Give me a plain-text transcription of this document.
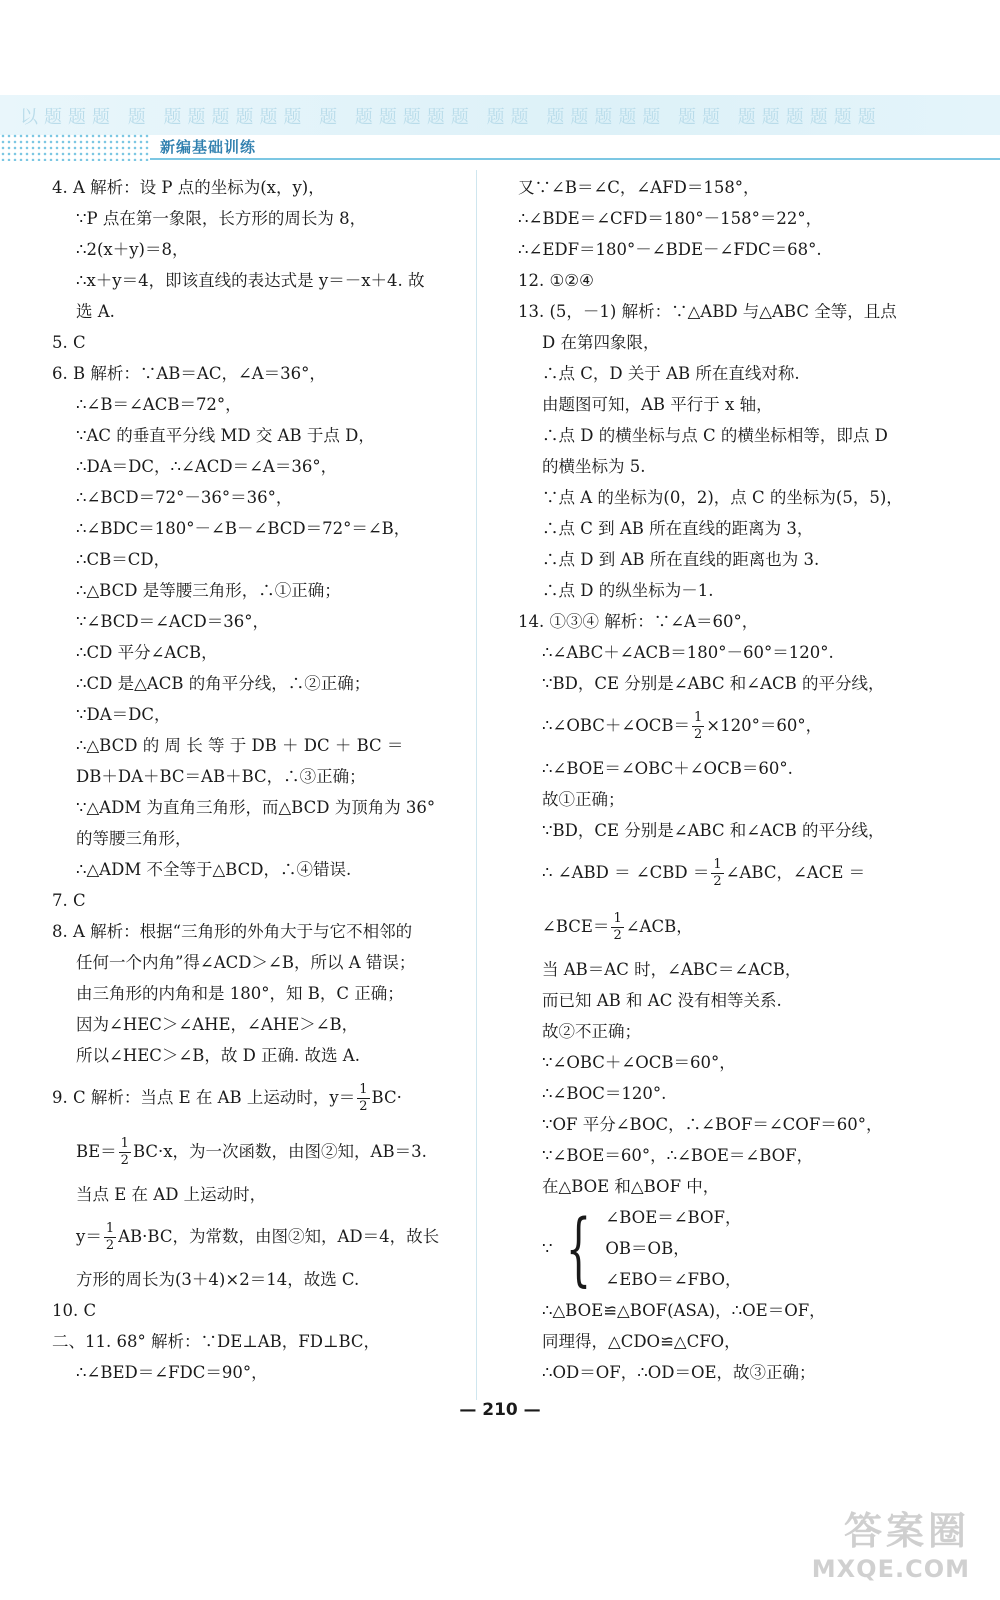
以题题题 题 题题题题题题 题 题题题题题 题题 题题题题题 题题 题题题题题题
新编基础训练
4. A 解析：设 P 点的坐标为(x，y)，
∵P 点在第一象限，长方形的周长为 8，
∴2(x＋y)＝8，
∴x＋y＝4，即该直线的表达式是 y＝－x＋4. 故
选 A.
5. C
6. B 解析：∵AB＝AC，∠A＝36°，
∴∠B＝∠ACB＝72°，
∵AC 的垂直平分线 MD 交 AB 于点 D，
∴DA＝DC，∴∠ACD＝∠A＝36°，
∴∠BCD＝72°－36°＝36°，
∴∠BDC＝180°－∠B－∠BCD＝72°＝∠B，
∴CB＝CD，
∴△BCD 是等腰三角形，∴①正确；
∵∠BCD＝∠ACD＝36°，
∴CD 平分∠ACB，
∴CD 是△ACB 的角平分线，∴②正确；
∵DA＝DC，
∴△BCD 的 周 长 等 于 DB ＋ DC ＋ BC ＝
DB＋DA＋BC＝AB＋BC，∴③正确；
∵△ADM 为直角三角形，而△BCD 为顶角为 36°
的等腰三角形，
∴△ADM 不全等于△BCD，∴④错误.
7. C
8. A 解析：根据“三角形的外角大于与它不相邻的
任何一个内角”得∠ACD＞∠B，所以 A 错误；
由三角形的内角和是 180°，知 B，C 正确；
因为∠HEC＞∠AHE，∠AHE＞∠B，
所以∠HEC＞∠B，故 D 正确. 故选 A.
9. C 解析：当点 E 在 AB 上运动时，$y= \frac{1}{2} BC\cdot$
$BE= \frac{1}{2} BC\cdot x$，为一次函数，由图②知，AB＝3.
当点 E 在 AD 上运动时，
$y= \frac{1}{2} AB\cdot BC$，为常数，由图②知，AD＝4，故长
方形的周长为(3＋4)×2＝14，故选 C.
10. C
二、11. 68° 解析：∵DE⊥AB，FD⊥BC，
∴∠BED＝∠FDC＝90°，
又∵∠B＝∠C，∠AFD＝158°，
∴∠BDE＝∠CFD＝180°－158°＝22°，
∴∠EDF＝180°－∠BDE－∠FDC＝68°.
12. ①②④
13. (5，－1) 解析：∵△ABD 与△ABC 全等，且点
D 在第四象限，
∴点 C，D 关于 AB 所在直线对称.
由题图可知，AB 平行于 x 轴，
∴点 D 的横坐标与点 C 的横坐标相等，即点 D
的横坐标为 5.
∵点 A 的坐标为(0，2)，点 C 的坐标为(5，5)，
∴点 C 到 AB 所在直线的距离为 3，
∴点 D 到 AB 所在直线的距离也为 3.
∴点 D 的纵坐标为－1.
14. ①③④ 解析：∵∠A＝60°，
∴∠ABC＋∠ACB＝180°－60°＝120°.
∵BD，CE 分别是∠ABC 和∠ACB 的平分线，
∴∠OBC＋∠OCB＝ $\frac{1}{2} \times 120^\circ=60^\circ$，
∴∠BOE＝∠OBC＋∠OCB＝60°.
故①正确；
∵BD，CE 分别是∠ABC 和∠ACB 的平分线，
∴ ∠ABD ＝ ∠CBD ＝ $\frac{1}{2}$ ∠ABC，∠ACE ＝
∠BCE＝ $\frac{1}{2}$ ∠ACB，
当 AB＝AC 时，∠ABC＝∠ACB，
而已知 AB 和 AC 没有相等关系.
故②不正确；
∵∠OBC＋∠OCB＝60°，
∴∠BOC＝120°.
∵OF 平分∠BOC，∴∠BOF＝∠COF＝60°，
∵∠BOE＝60°，∴∠BOE＝∠BOF，
在△BOE 和△BOF 中，
∵ { ∠BOE＝∠BOF，
OB＝OB，
∠EBO＝∠FBO，
∴△BOE≌△BOF(ASA)，∴OE＝OF，
同理得，△CDO≌△CFO，
∴OD＝OF，∴OD＝OE，故③正确；
— 210 —
答案圈
MXQE.COM
